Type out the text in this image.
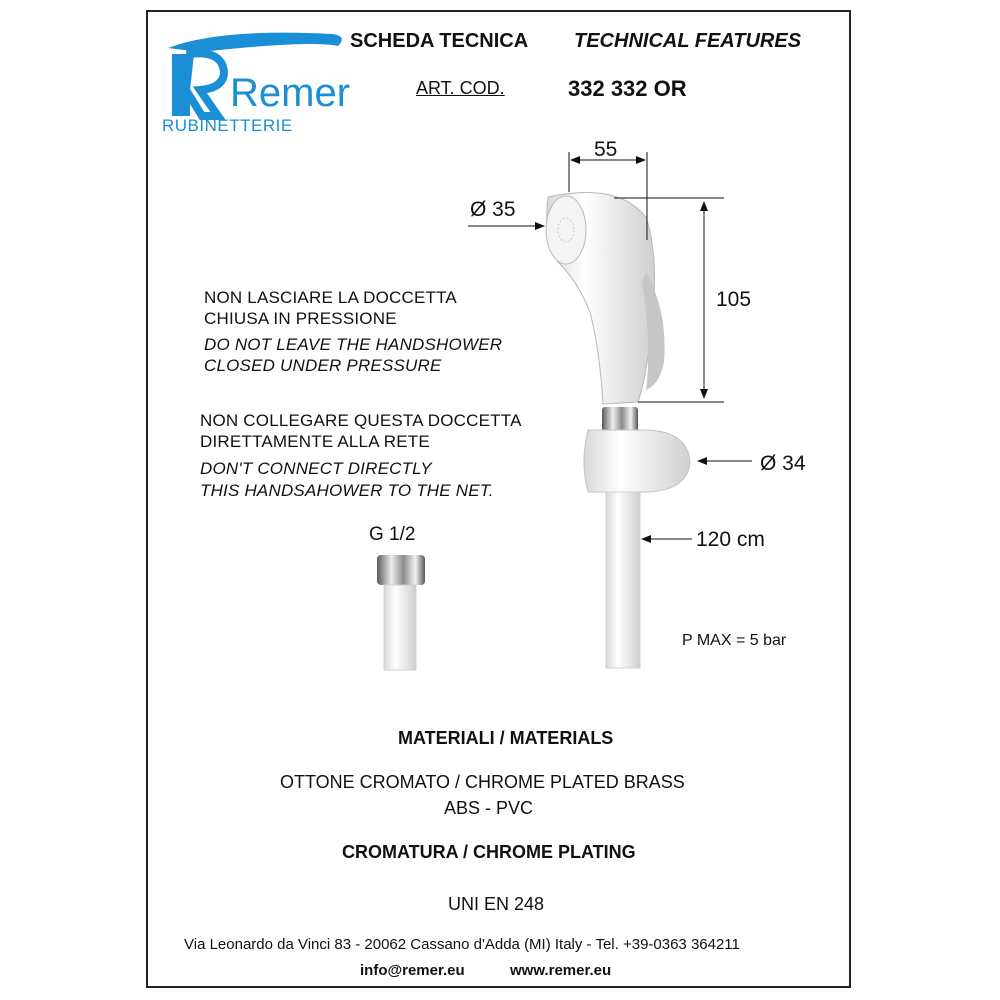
Remer
RUBINETTERIE
SCHEDA TECNICA TECHNICAL FEATURES
ART. COD.	332 332 OR
55
Ø 35
105
Ø 34
120 cm
G 1/2
P MAX = 5 bar
NON LASCIARE LA DOCCETTA
CHIUSA IN PRESSIONE
DO NOT LEAVE THE HANDSHOWER
CLOSED UNDER PRESSURE
NON COLLEGARE QUESTA DOCCETTA
DIRETTAMENTE ALLA RETE
DON'T CONNECT DIRECTLY
THIS HANDSAHOWER TO THE NET.
MATERIALI / MATERIALS
OTTONE CROMATO / CHROME PLATED BRASS
ABS - PVC
CROMATURA / CHROME PLATING
UNI EN 248
Via Leonardo da Vinci 83 - 20062 Cassano d'Adda (MI) Italy - Tel. +39-0363 364211
info@remer.eu	www.remer.eu
